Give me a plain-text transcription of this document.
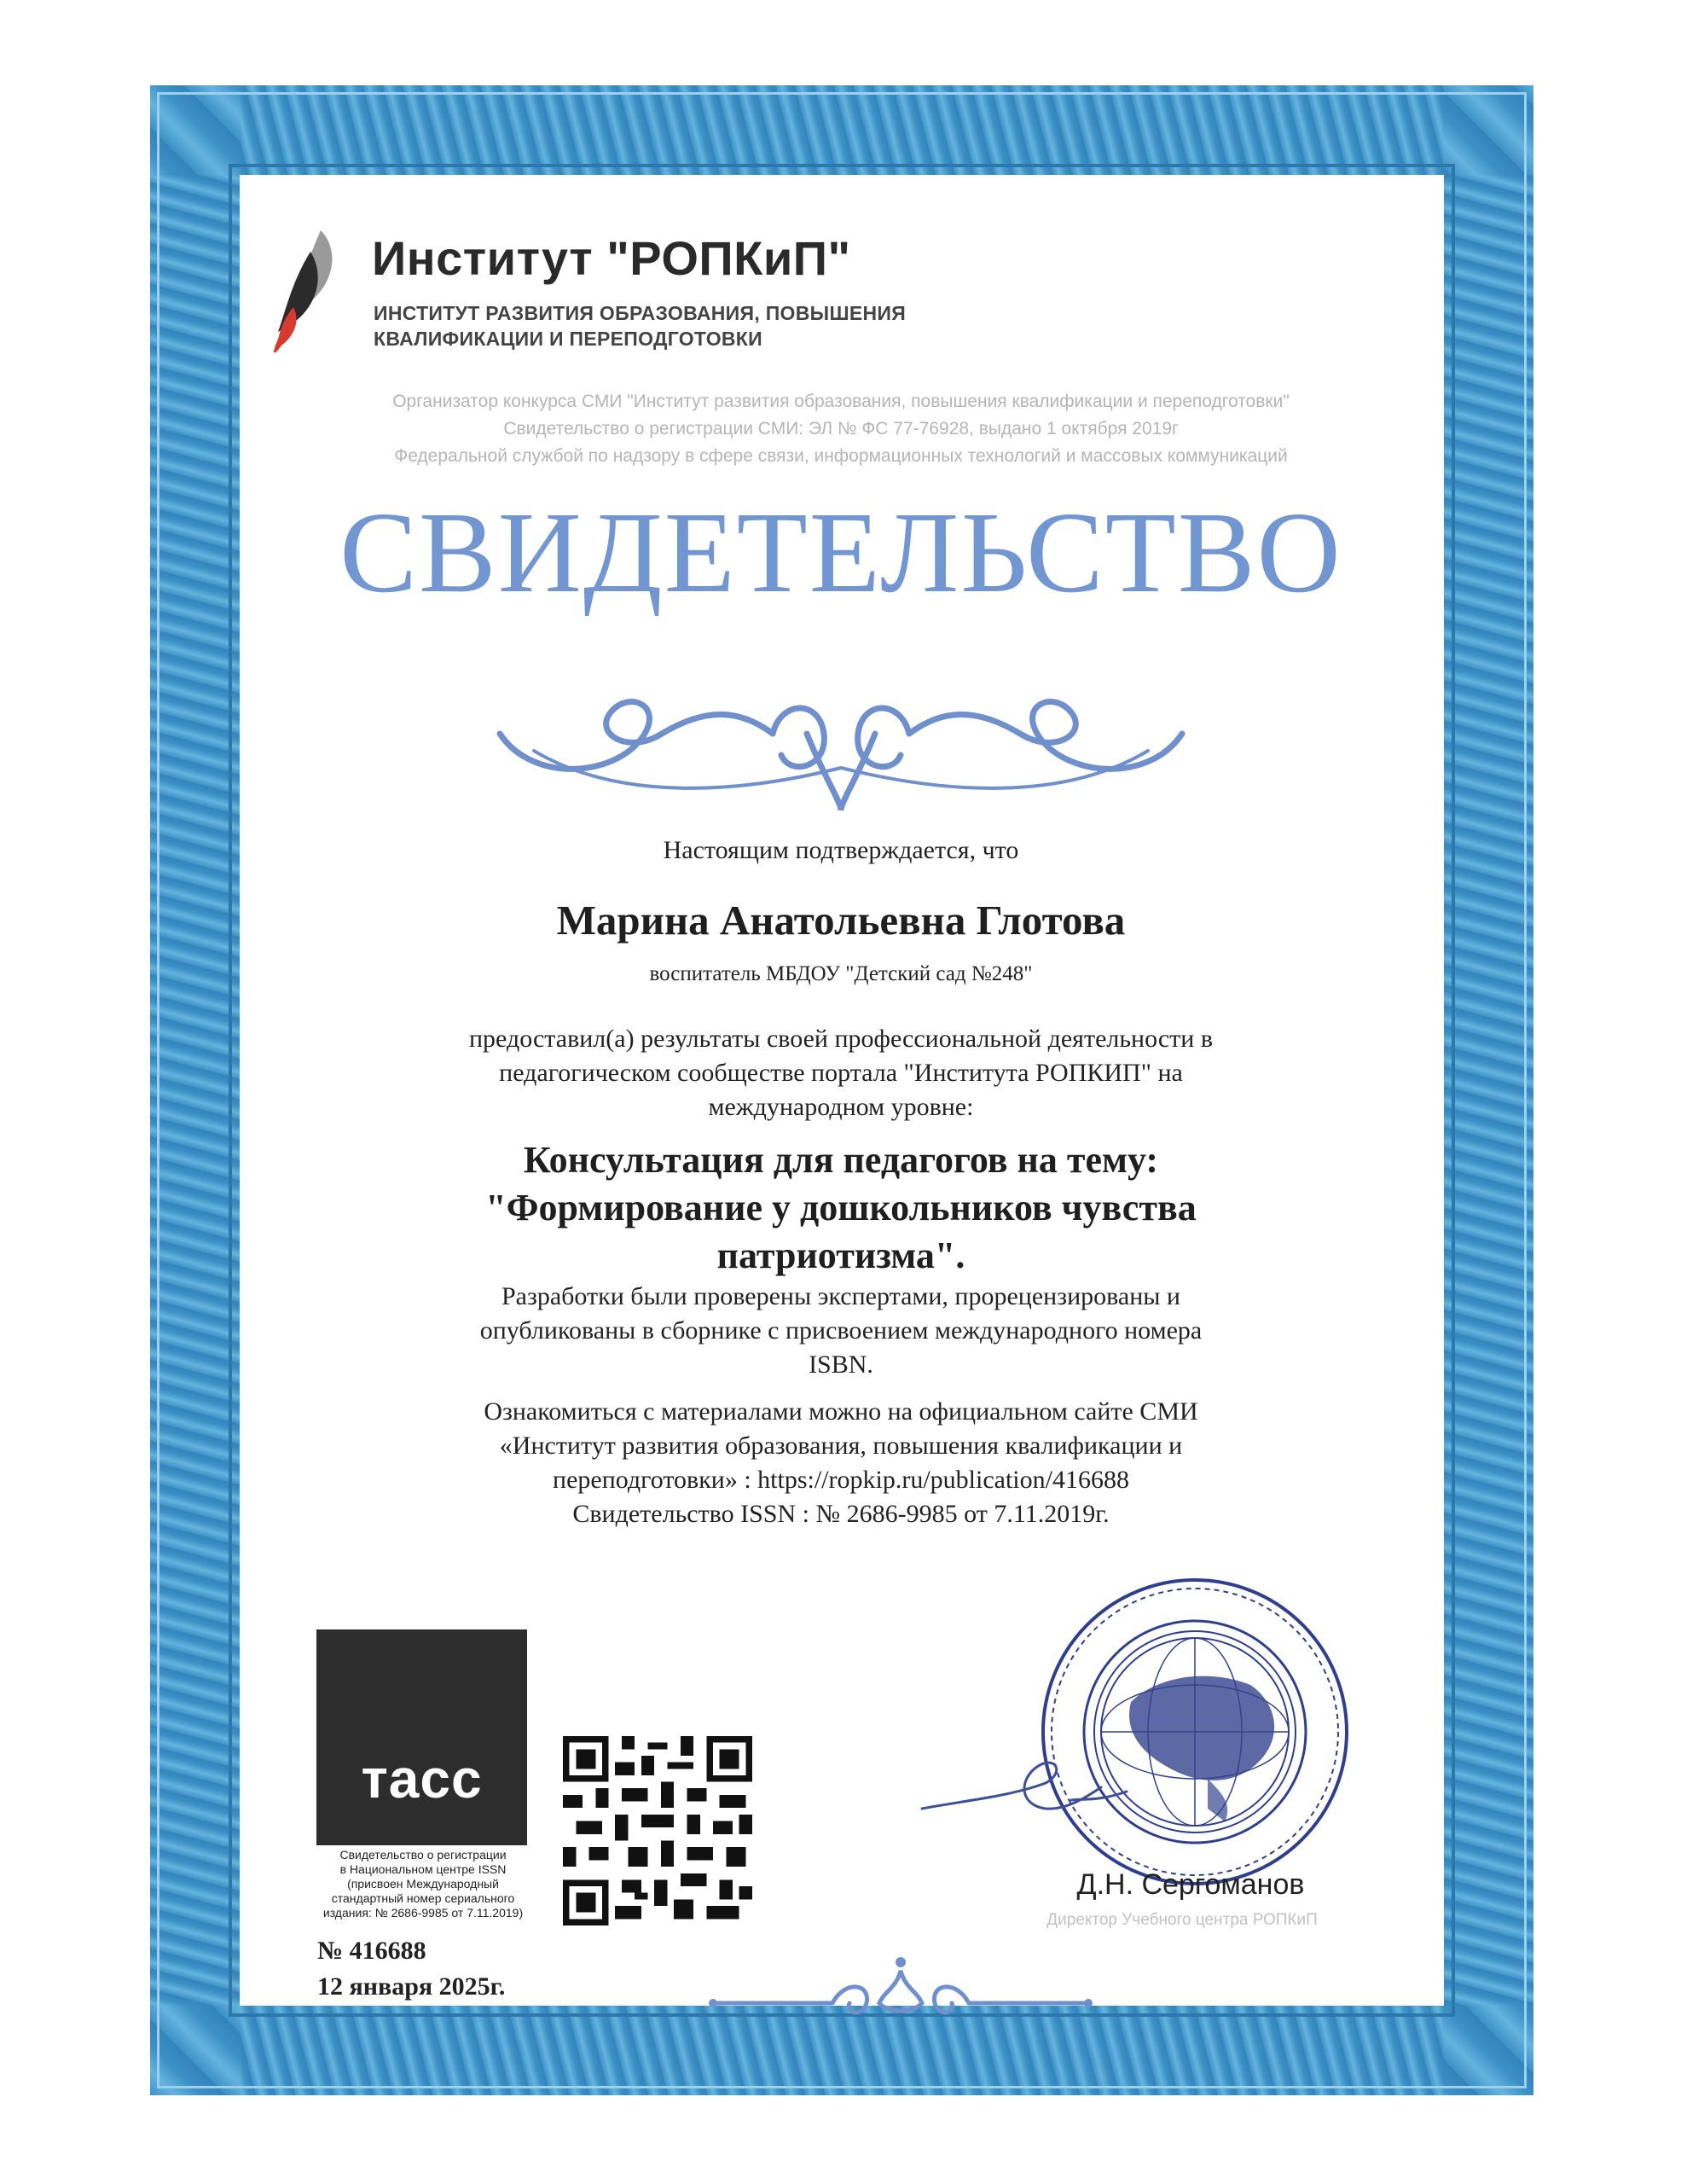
Институт "РОПКиП"
ИНСТИТУТ РАЗВИТИЯ ОБРАЗОВАНИЯ, ПОВЫШЕНИЯ
КВАЛИФИКАЦИИ И ПЕРЕПОДГОТОВКИ
Организатор конкурса СМИ "Институт развития образования, повышения квалификации и переподготовки"
Свидетельство о регистрации СМИ: ЭЛ № ФС 77-76928, выдано 1 октября 2019г
Федеральной службой по надзору в сфере связи, информационных технологий и массовых коммуникаций
СВИДЕТЕЛЬСТВО
Настоящим подтверждается, что
Марина Анатольевна Глотова
воспитатель МБДОУ "Детский сад №248"
предоставил(а) результаты своей профессиональной деятельности в
педагогическом сообществе портала "Института РОПКИП" на
международном уровне:
Консультация для педагогов на тему:
"Формирование у дошкольников чувства
патриотизма".
Разработки были проверены экспертами, прорецензированы и
опубликованы в сборнике с присвоением международного номера
ISBN.
Ознакомиться с материалами можно на официальном сайте СМИ
«Институт развития образования, повышения квалификации и
переподготовки» : https://ropkip.ru/publication/416688
Свидетельство ISSN : № 2686-9985 от 7.11.2019г.
тасс
Свидетельство о регистрации
в Национальном центре ISSN
(присвоен Международный
стандартный номер сериального
издания: № 2686-9985 от 7.11.2019)
№ 416688
12 января 2025г.
Д.Н. Сергоманов
Директор Учебного центра РОПКиП
